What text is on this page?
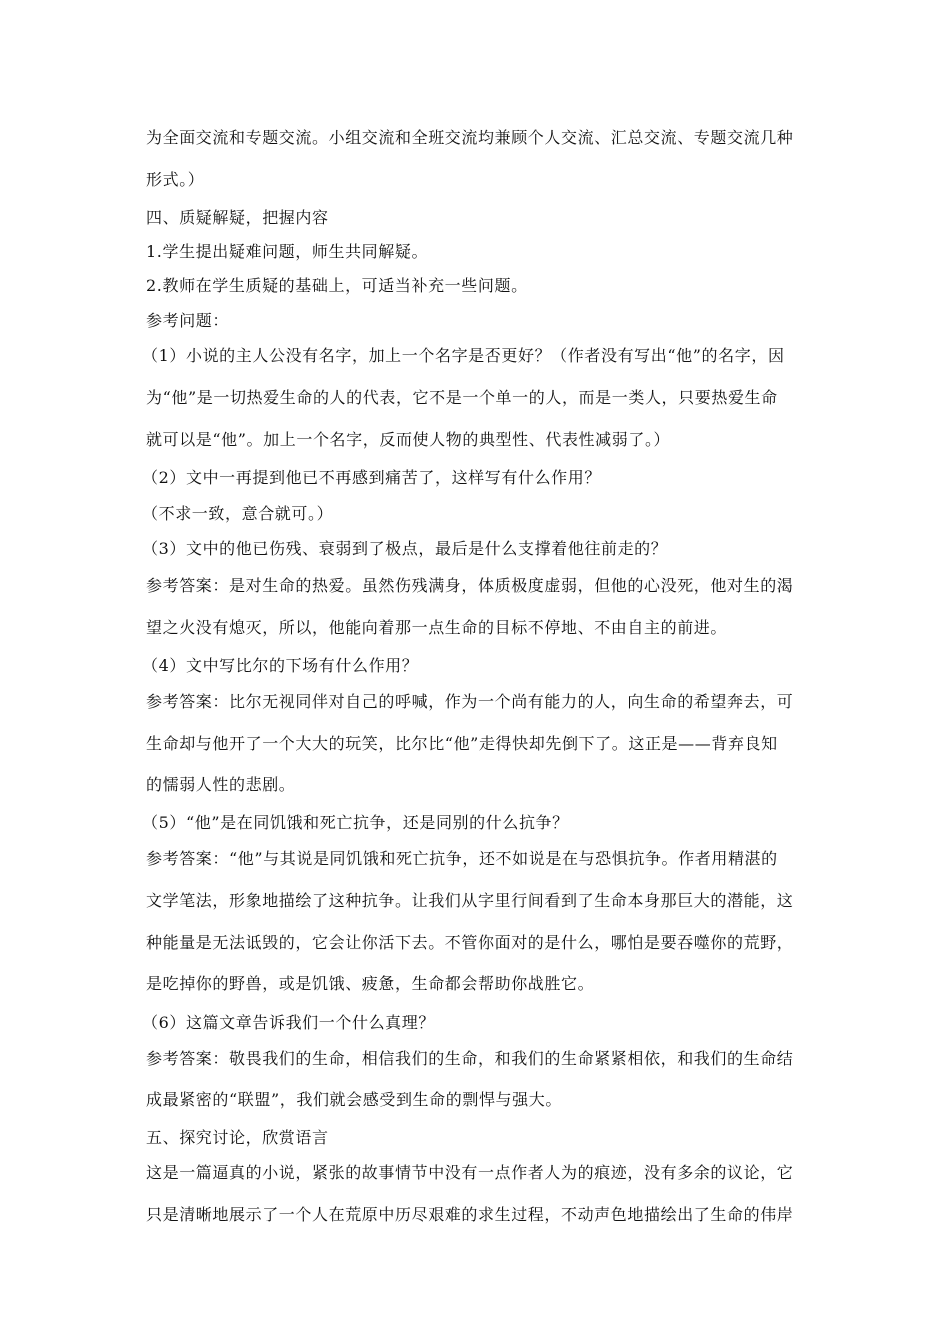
为全面交流和专题交流。小组交流和全班交流均兼顾个人交流、汇总交流、专题交流几种
形式。）
四、质疑解疑，把握内容
1.学生提出疑难问题，师生共同解疑。
2.教师在学生质疑的基础上，可适当补充一些问题。
参考问题：
（1）小说的主人公没有名字，加上一个名字是否更好？（作者没有写出“他”的名字，因
为“他”是一切热爱生命的人的代表，它不是一个单一的人，而是一类人，只要热爱生命
就可以是“他”。加上一个名字，反而使人物的典型性、代表性减弱了。）
（2）文中一再提到他已不再感到痛苦了，这样写有什么作用？
（不求一致，意合就可。）
（3）文中的他已伤残、衰弱到了极点，最后是什么支撑着他往前走的？
参考答案：是对生命的热爱。虽然伤残满身，体质极度虚弱，但他的心没死，他对生的渴
望之火没有熄灭，所以，他能向着那一点生命的目标不停地、不由自主的前进。
（4）文中写比尔的下场有什么作用？
参考答案：比尔无视同伴对自己的呼喊，作为一个尚有能力的人，向生命的希望奔去，可
生命却与他开了一个大大的玩笑，比尔比“他”走得快却先倒下了。这正是——背弃良知
的懦弱人性的悲剧。
（5）“他”是在同饥饿和死亡抗争，还是同别的什么抗争？
参考答案：“他”与其说是同饥饿和死亡抗争，还不如说是在与恐惧抗争。作者用精湛的
文学笔法，形象地描绘了这种抗争。让我们从字里行间看到了生命本身那巨大的潜能，这
种能量是无法诋毁的，它会让你活下去。不管你面对的是什么，哪怕是要吞噬你的荒野，
是吃掉你的野兽，或是饥饿、疲惫，生命都会帮助你战胜它。
（6）这篇文章告诉我们一个什么真理？
参考答案：敬畏我们的生命，相信我们的生命，和我们的生命紧紧相依，和我们的生命结
成最紧密的“联盟”，我们就会感受到生命的剽悍与强大。
五、探究讨论，欣赏语言
这是一篇逼真的小说，紧张的故事情节中没有一点作者人为的痕迹，没有多余的议论，它
只是清晰地展示了一个人在荒原中历尽艰难的求生过程，不动声色地描绘出了生命的伟岸
